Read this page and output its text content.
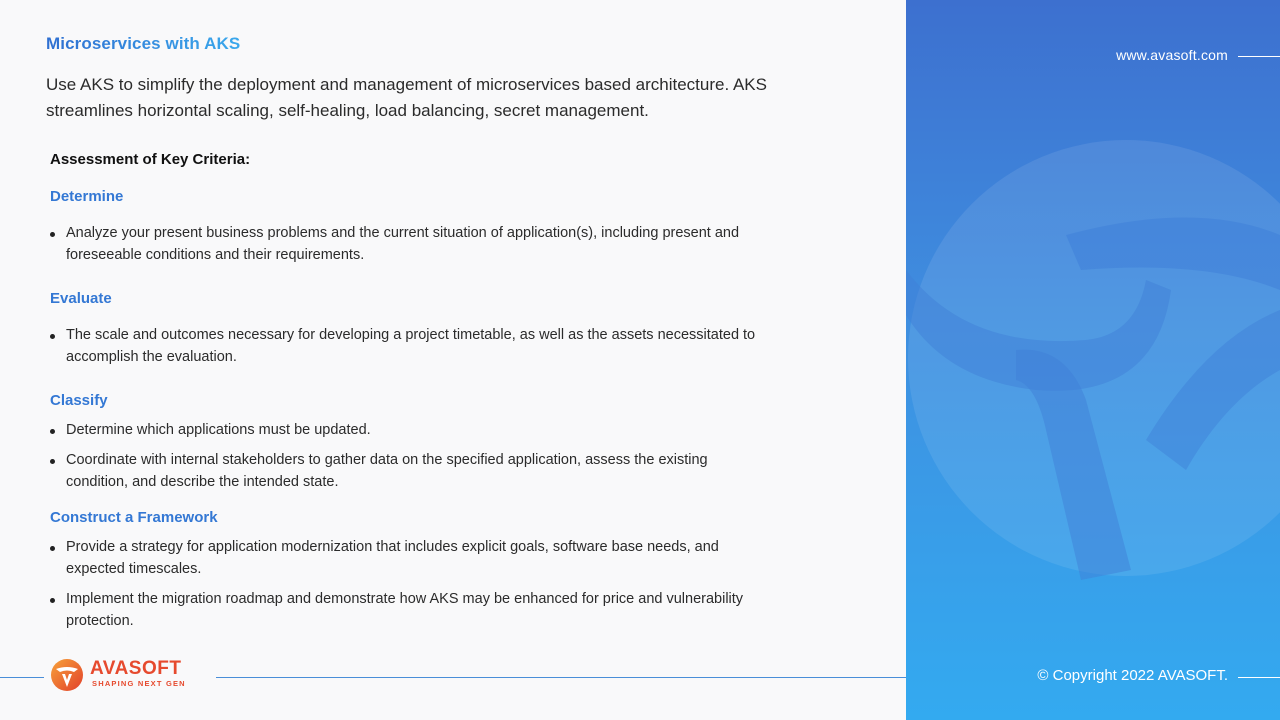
Microservices with AKS

Use AKS to simplify the deployment and management of microservices based architecture. AKS streamlines horizontal scaling, self-healing, load balancing, secret management.

Assessment of Key Criteria:
Determine
Analyze your present business problems and the current situation of application(s), including present and foreseeable conditions and their requirements.
Evaluate
The scale and outcomes necessary for developing a project timetable, as well as the assets necessitated to accomplish the evaluation.
Classify
Determine which applications must be updated.
Coordinate with internal stakeholders to gather data on the specified application, assess the existing condition, and describe the intended state.
Construct a Framework
Provide a strategy for application modernization that includes explicit goals, software base needs, and expected timescales.
Implement the migration roadmap and demonstrate how AKS may be enhanced for price and vulnerability protection.
AVASOFT
SHAPING NEXT GEN
www.avasoft.com
© Copyright 2022 AVASOFT.
